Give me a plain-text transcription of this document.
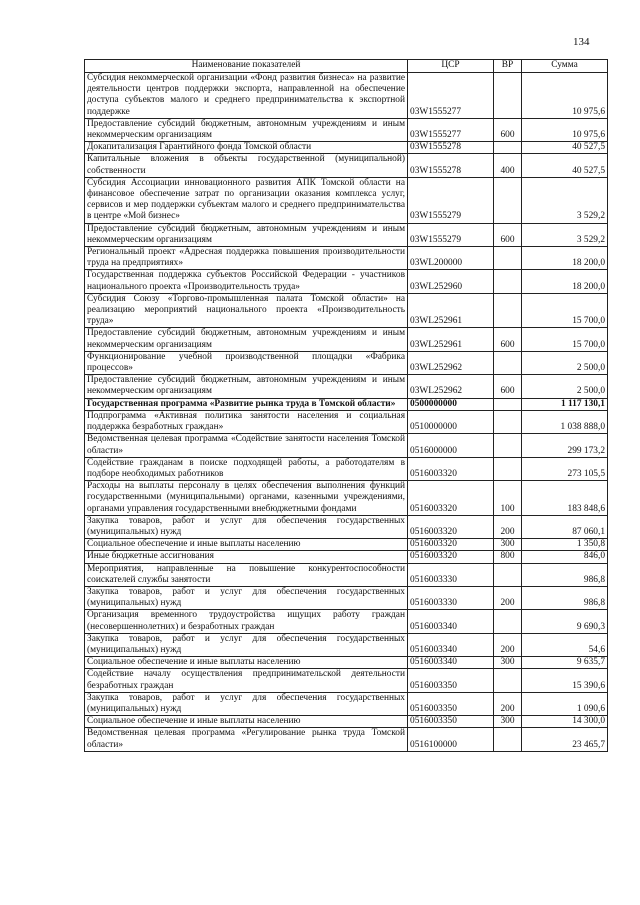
134
Наименование показателей	ЦСР	ВР	Сумма
Субсидия некоммерческой организации «Фонд развития бизнеса» на развитие деятельности центров поддержки экспорта, направленной на обеспечение доступа субъектов малого и среднего предпринимательства к экспортной поддержке	03W1555277		10 975,6
Предоставление субсидий бюджетным, автономным учреждениям и иным некоммерческим организациям	03W1555277	600	10 975,6
Докапитализация Гарантийного фонда Томской области	03W1555278		40 527,5
Капитальные вложения в объекты государственной (муниципальной) собственности	03W1555278	400	40 527,5
Субсидия Ассоциации инновационного развития АПК Томской области на финансовое обеспечение затрат по организации оказания комплекса услуг, сервисов и мер поддержки субъектам малого и среднего предпринимательства в центре «Мой бизнес»	03W1555279		3 529,2
Предоставление субсидий бюджетным, автономным учреждениям и иным некоммерческим организациям	03W1555279	600	3 529,2
Региональный проект «Адресная поддержка повышения производительности труда на предприятиях»	03WL200000		18 200,0
Государственная поддержка субъектов Российской Федерации - участников национального проекта «Производительность труда»	03WL252960		18 200,0
Субсидия Союзу «Торгово-промышленная палата Томской области» на реализацию мероприятий национального проекта «Производительность труда»	03WL252961		15 700,0
Предоставление субсидий бюджетным, автономным учреждениям и иным некоммерческим организациям	03WL252961	600	15 700,0
Функционирование учебной производственной площадки «Фабрика процессов»	03WL252962		2 500,0
Предоставление субсидий бюджетным, автономным учреждениям и иным некоммерческим организациям	03WL252962	600	2 500,0
Государственная программа «Развитие рынка труда в Томской области»	0500000000		1 117 130,1
Подпрограмма «Активная политика занятости населения и социальная поддержка безработных граждан»	0510000000		1 038 888,0
Ведомственная целевая программа «Содействие занятости населения Томской области»	0516000000		299 173,2
Содействие гражданам в поиске подходящей работы, а работодателям в подборе необходимых работников	0516003320		273 105,5
Расходы на выплаты персоналу в целях обеспечения выполнения функций государственными (муниципальными) органами, казенными учреждениями, органами управления государственными внебюджетными фондами	0516003320	100	183 848,6
Закупка товаров, работ и услуг для обеспечения государственных (муниципальных) нужд	0516003320	200	87 060,1
Социальное обеспечение и иные выплаты населению	0516003320	300	1 350,8
Иные бюджетные ассигнования	0516003320	800	846,0
Мероприятия, направленные на повышение конкурентоспособности соискателей службы занятости	0516003330		986,8
Закупка товаров, работ и услуг для обеспечения государственных (муниципальных) нужд	0516003330	200	986,8
Организация временного трудоустройства ищущих работу граждан (несовершеннолетних) и безработных граждан	0516003340		9 690,3
Закупка товаров, работ и услуг для обеспечения государственных (муниципальных) нужд	0516003340	200	54,6
Социальное обеспечение и иные выплаты населению	0516003340	300	9 635,7
Содействие началу осуществления предпринимательской деятельности безработных граждан	0516003350		15 390,6
Закупка товаров, работ и услуг для обеспечения государственных (муниципальных) нужд	0516003350	200	1 090,6
Социальное обеспечение и иные выплаты населению	0516003350	300	14 300,0
Ведомственная целевая программа «Регулирование рынка труда Томской области»	0516100000		23 465,7
